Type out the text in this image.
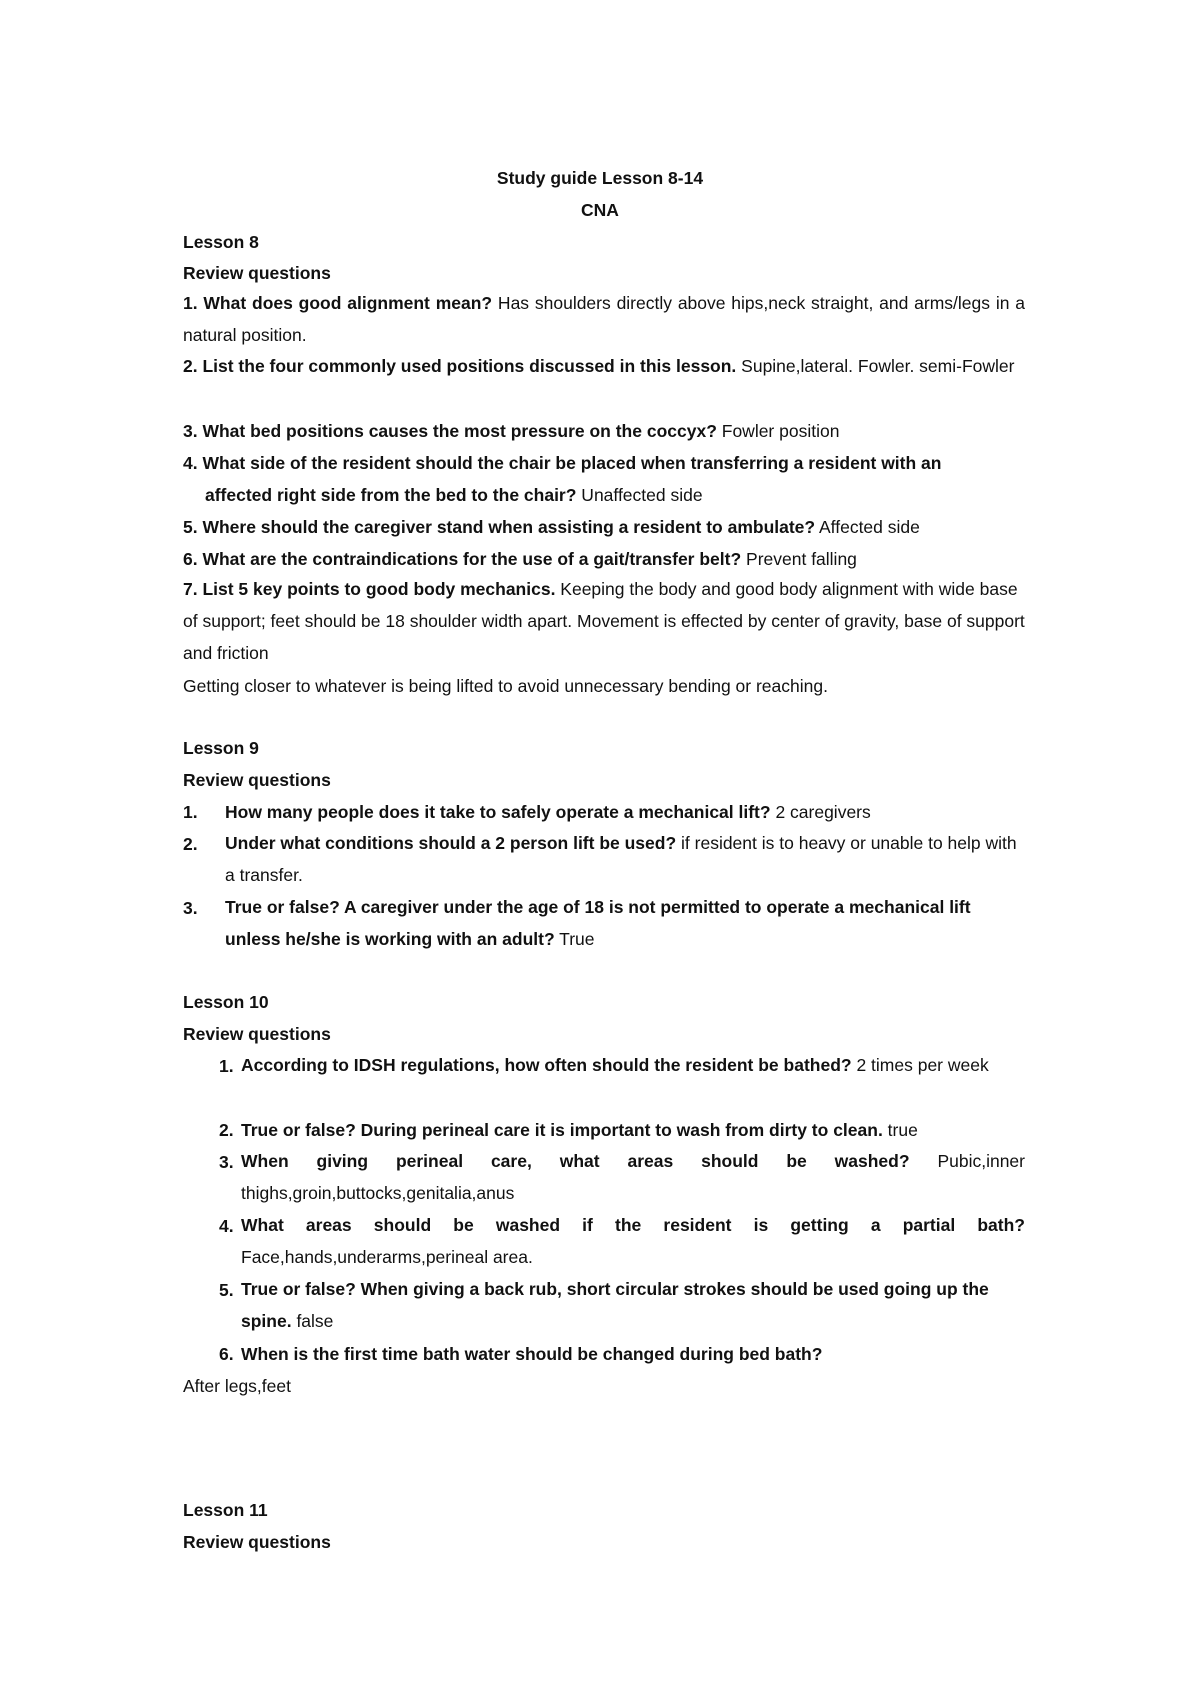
Study guide Lesson 8-14
CNA
Lesson 8
Review questions
1. What does good alignment mean? Has shoulders directly above hips,neck straight, and arms/legs in a natural position.
2. List the four commonly used positions discussed in this lesson. Supine,lateral. Fowler. semi-Fowler
3. What bed positions causes the most pressure on the coccyx? Fowler position
4. What side of the resident should the chair be placed when transferring a resident with an
affected right side from the bed to the chair? Unaffected side
5. Where should the caregiver stand when assisting a resident to ambulate? Affected side
6. What are the contraindications for the use of a gait/transfer belt? Prevent falling
7. List 5 key points to good body mechanics. Keeping the body and good body alignment with wide base of support; feet should be 18 shoulder width apart. Movement is effected by center of gravity, base of support and friction
Getting closer to whatever is being lifted to avoid unnecessary bending or reaching.
Lesson 9
Review questions
1. How many people does it take to safely operate a mechanical lift? 2 caregivers
2. Under what conditions should a 2 person lift be used? if resident is to heavy or unable to help with a transfer.
3. True or false? A caregiver under the age of 18 is not permitted to operate a mechanical lift unless he/she is working with an adult? True
Lesson 10
Review questions
1. According to IDSH regulations, how often should the resident be bathed? 2 times per week
2. True or false? During perineal care it is important to wash from dirty to clean. true
3. When giving perineal care, what areas should be washed? Pubic,inner thighs,groin,buttocks,genitalia,anus
4. What areas should be washed if the resident is getting a partial bath? Face,hands,underarms,perineal area.
5. True or false? When giving a back rub, short circular strokes should be used going up the spine. false
6. When is the first time bath water should be changed during bed bath?
After legs,feet
Lesson 11
Review questions
